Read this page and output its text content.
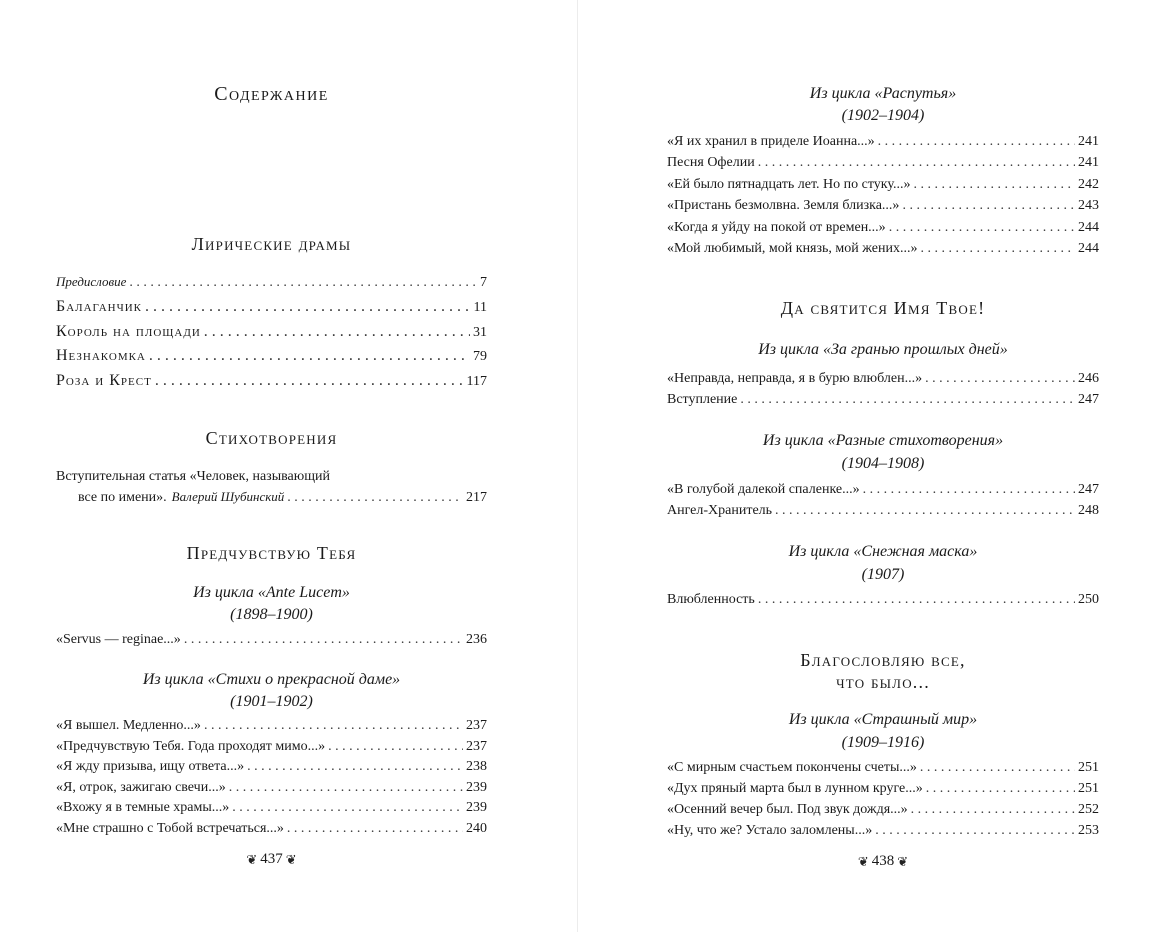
Содержание
Лирические драмы
Предисловие . . .	7
Балаганчик . . .	11
Король на площади . . .	31
Незнакомка . . .	79
Роза и Крест . . .	117
Стихотворения
Вступительная статья «Человек, называющий
все по имени». Валерий Шубинский . . .	217
Предчувствую Тебя
Из цикла «Ante Lucem»
(1898–1900)
«Servus — reginae...» . . .	236
Из цикла «Стихи о прекрасной даме»
(1901–1902)
«Я вышел. Медленно...» . . .	237
«Предчувствую Тебя. Года проходят мимо...» . . .	237
«Я жду призыва, ищу ответа...» . . .	238
«Я, отрок, зажигаю свечи...» . . .	239
«Вхожу я в темные храмы...» . . .	239
«Мне страшно с Тобой встречаться...» . . .	240
❦ 437 ❦
Из цикла «Распутья»
(1902–1904)
«Я их хранил в приделе Иоанна...» . . .	241
Песня Офелии . . .	241
«Ей было пятнадцать лет. Но по стуку...» . . .	242
«Пристань безмолвна. Земля близка...» . . .	243
«Когда я уйду на покой от времен...» . . .	244
«Мой любимый, мой князь, мой жених...» . . .	244
Да святится Имя Твое!
Из цикла «За гранью прошлых дней»
«Неправда, неправда, я в бурю влюблен...» . . .	246
Вступление . . .	247
Из цикла «Разные стихотворения»
(1904–1908)
«В голубой далекой спаленке...» . . .	247
Ангел-Хранитель . . .	248
Из цикла «Снежная маска»
(1907)
Влюбленность . . .	250
Благословляю все,
что было...
Из цикла «Страшный мир»
(1909–1916)
«С мирным счастьем покончены счеты...» . . .	251
«Дух пряный марта был в лунном круге...» . . .	251
«Осенний вечер был. Под звук дождя...» . . .	252
«Ну, что же? Устало заломлены...» . . .	253
❦ 438 ❦
